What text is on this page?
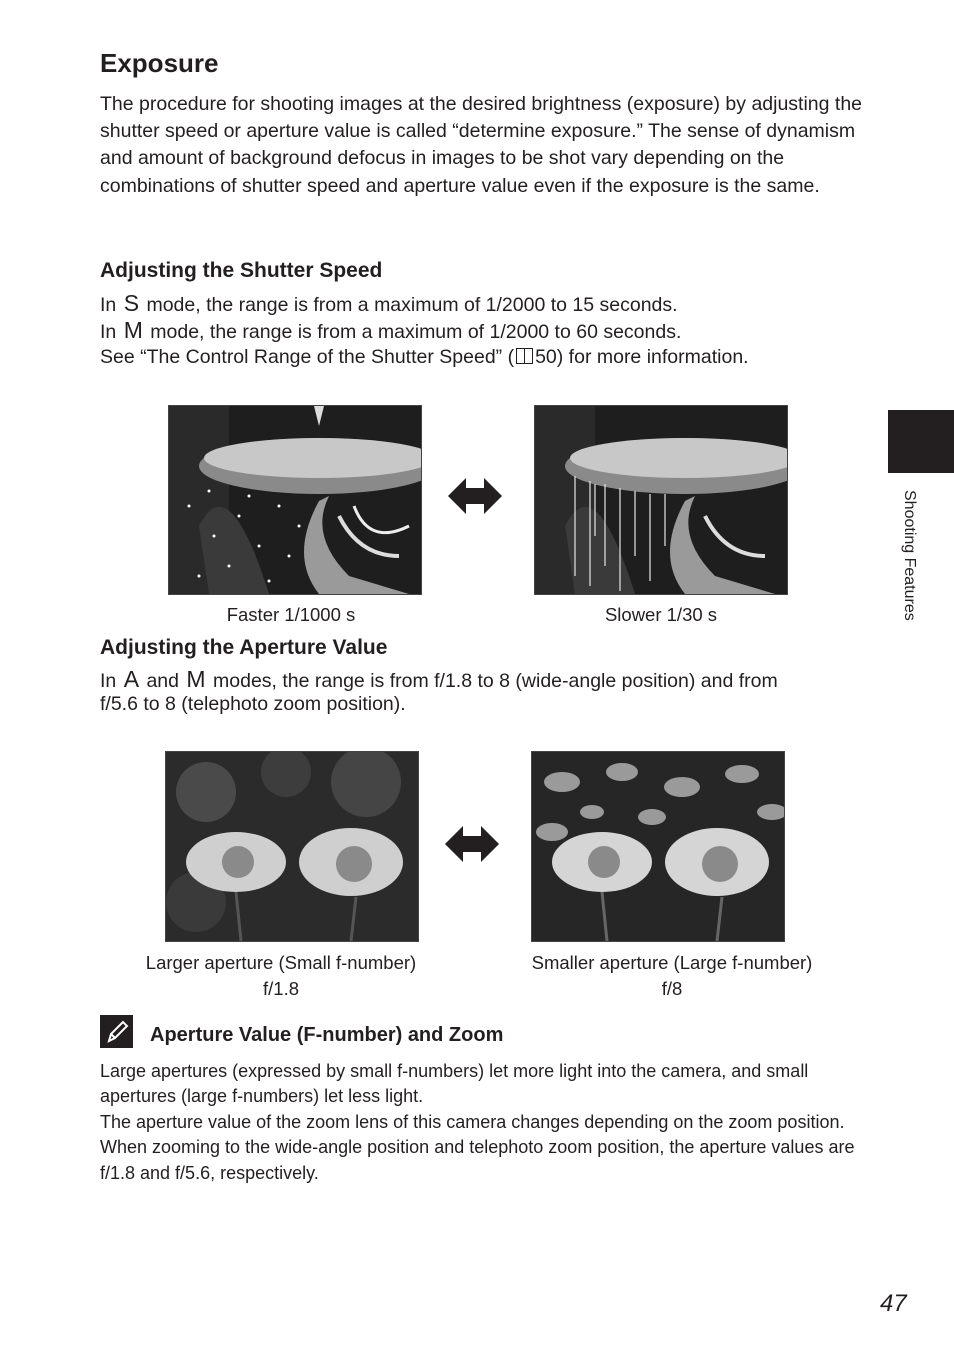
Exposure

The procedure for shooting images at the desired brightness (exposure) by adjusting the shutter speed or aperture value is called “determine exposure.” The sense of dynamism and amount of background defocus in images to be shot vary depending on the combinations of shutter speed and aperture value even if the exposure is the same.

Adjusting the Shutter Speed
In S mode, the range is from a maximum of 1/2000 to 15 seconds.
In M mode, the range is from a maximum of 1/2000 to 60 seconds.
See “The Control Range of the Shutter Speed” ( 50) for more information.
Faster 1/1000 s	Slower 1/30 s
Adjusting the Aperture Value
In A and M modes, the range is from f/1.8 to 8 (wide-angle position) and from
f/5.6 to 8 (telephoto zoom position).
Larger aperture (Small f-number)
f/1.8
Smaller aperture (Large f-number)
f/8
Aperture Value (F-number) and Zoom

Large apertures (expressed by small f-numbers) let more light into the camera, and small apertures (large f-numbers) let less light.

The aperture value of the zoom lens of this camera changes depending on the zoom position. When zooming to the wide-angle position and telephoto zoom position, the aperture values are f/1.8 and f/5.6, respectively.

Shooting Features
47
